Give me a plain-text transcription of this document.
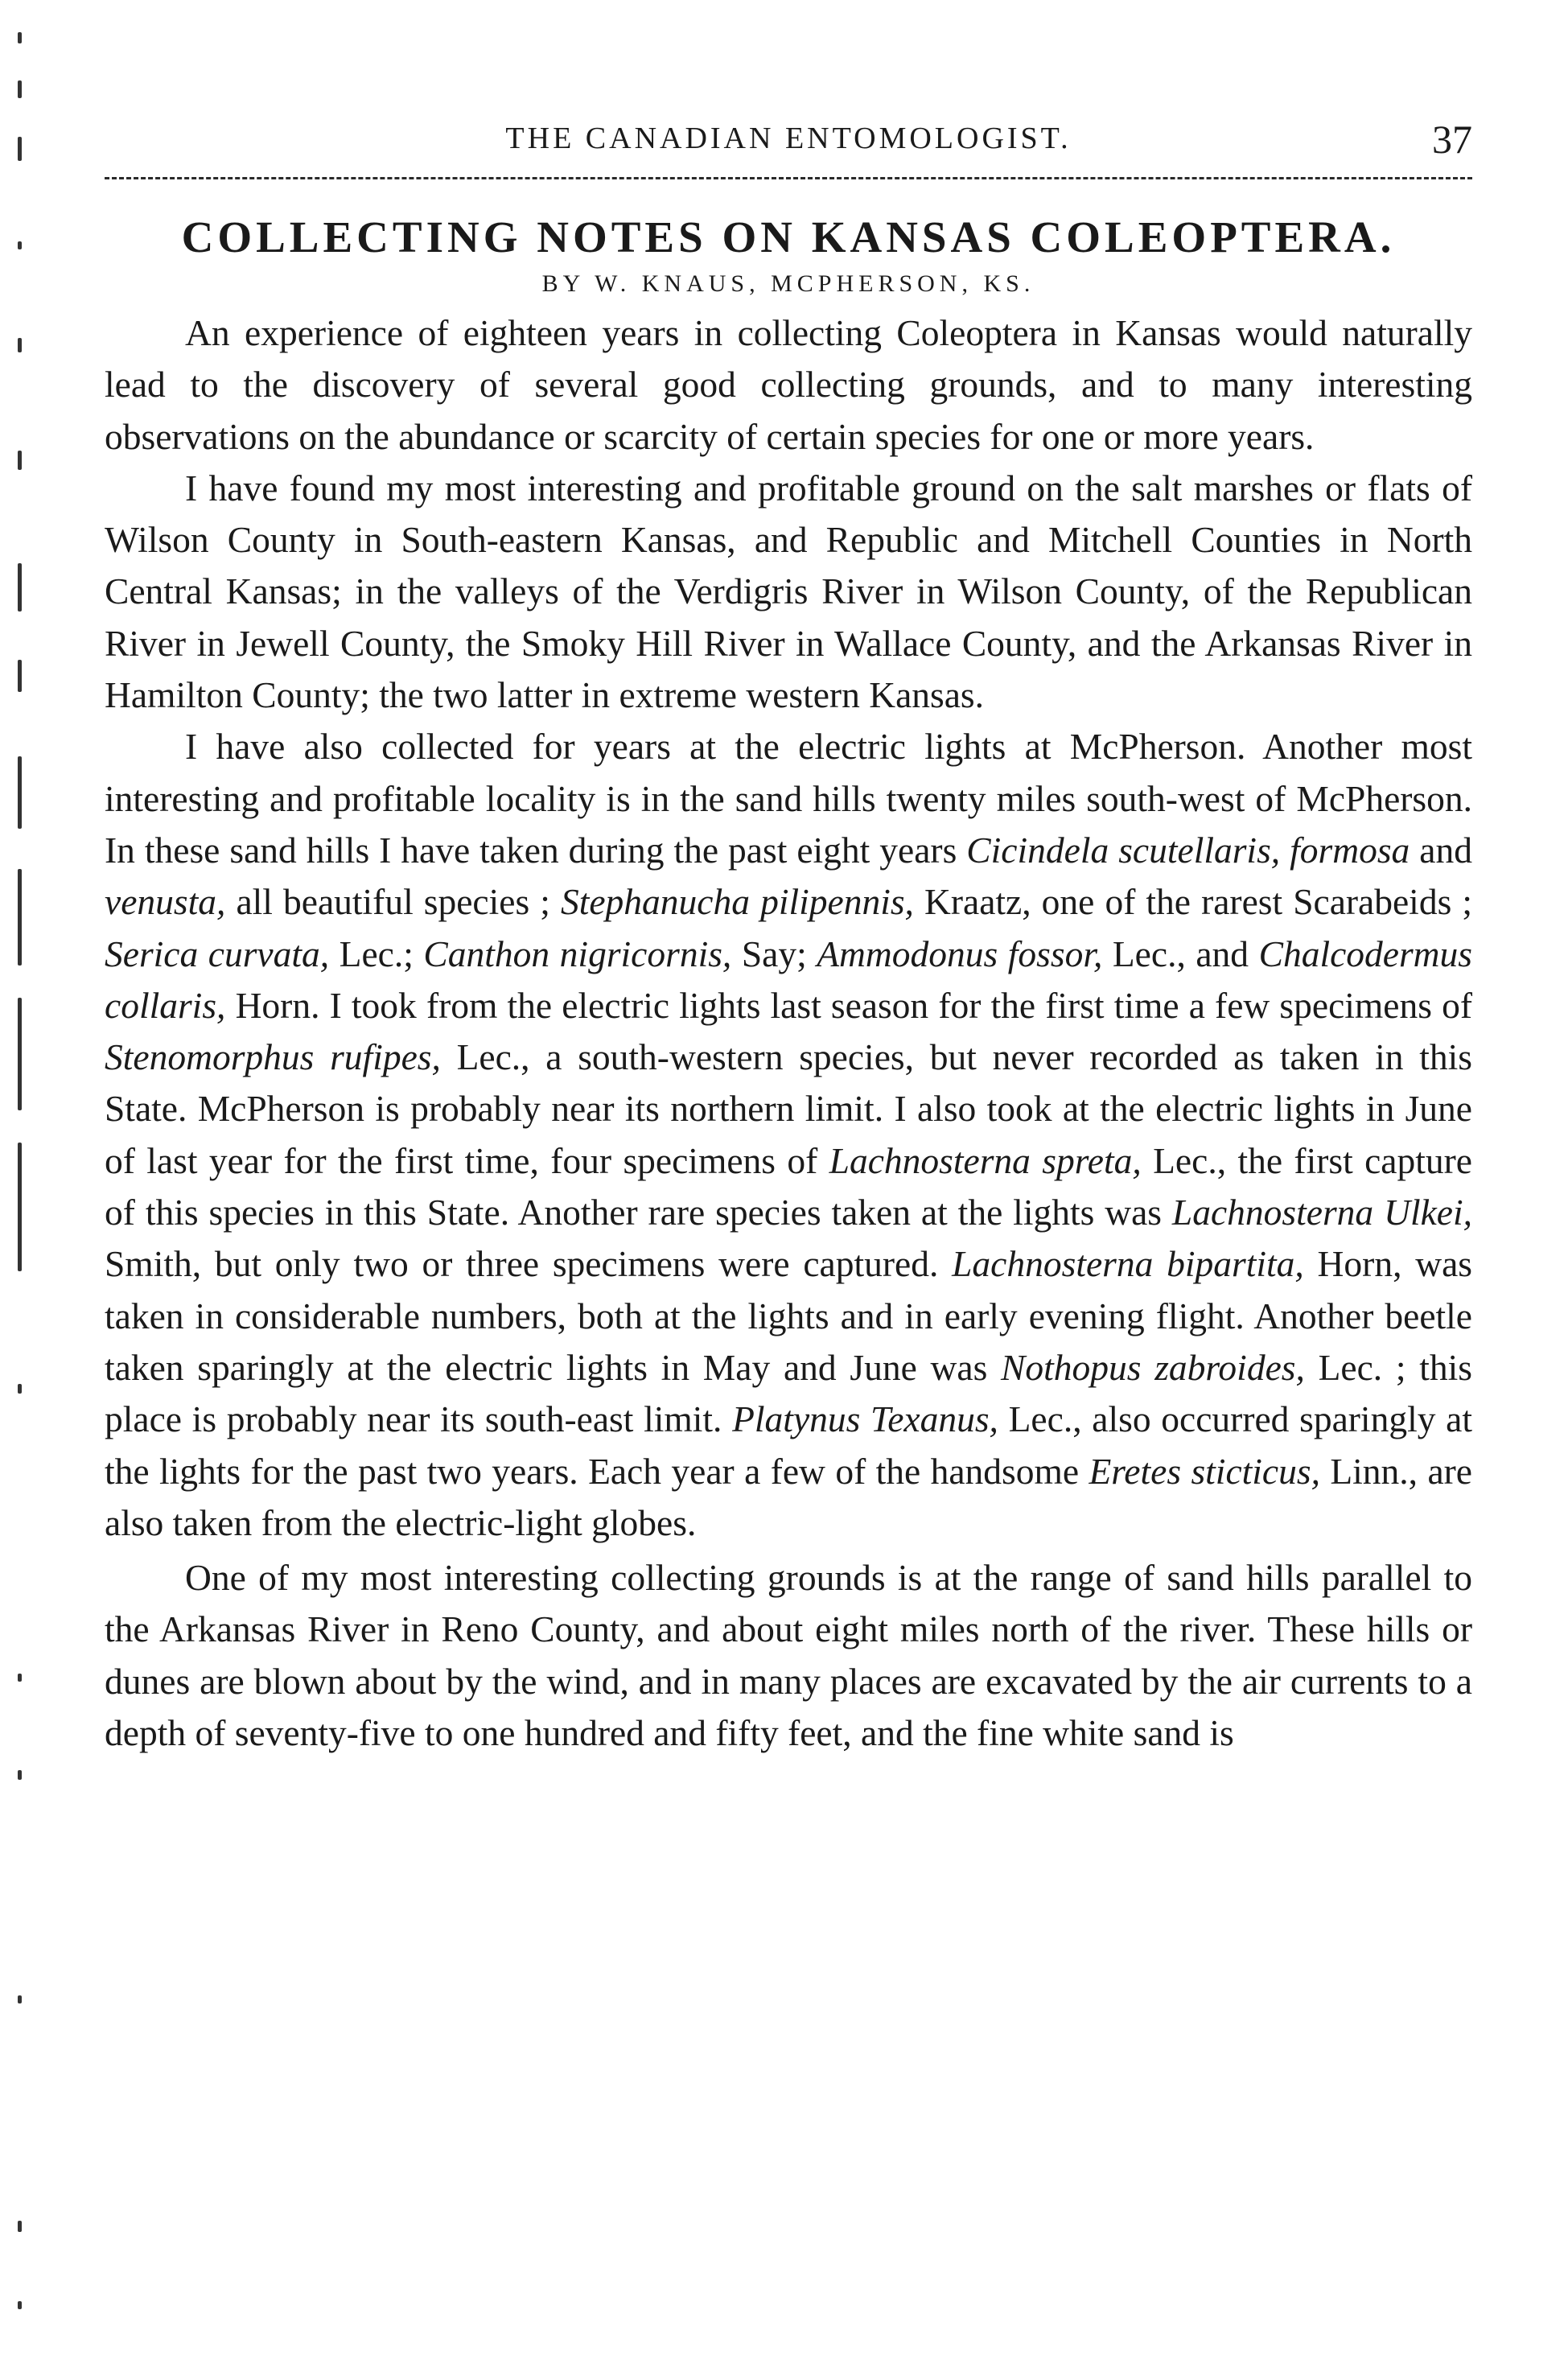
THE CANADIAN ENTOMOLOGIST.	37
COLLECTING NOTES ON KANSAS COLEOPTERA.
BY W. KNAUS, MCPHERSON, KS.

An experience of eighteen years in collecting Coleoptera in Kansas would naturally lead to the discovery of several good collecting grounds, and to many interesting observations on the abundance or scarcity of certain species for one or more years.

I have found my most interesting and profitable ground on the salt marshes or flats of Wilson County in South-eastern Kansas, and Republic and Mitchell Counties in North Central Kansas; in the valleys of the Verdigris River in Wilson County, of the Republican River in Jewell County, the Smoky Hill River in Wallace County, and the Arkansas River in Hamilton County; the two latter in extreme western Kansas.

I have also collected for years at the electric lights at McPherson. Another most interesting and profitable locality is in the sand hills twenty miles south-west of McPherson. In these sand hills I have taken during the past eight years Cicindela scutellaris, formosa and venusta, all beautiful species ; Stephanucha pilipennis, Kraatz, one of the rarest Scarabeids ; Serica curvata, Lec.; Canthon nigricornis, Say; Ammodonus fossor, Lec., and Chalcodermus collaris, Horn. I took from the electric lights last season for the first time a few specimens of Stenomorphus rufipes, Lec., a south-western species, but never recorded as taken in this State. McPherson is probably near its northern limit. I also took at the electric lights in June of last year for the first time, four specimens of Lachnosterna spreta, Lec., the first capture of this species in this State. Another rare species taken at the lights was Lachnosterna Ulkei, Smith, but only two or three specimens were captured. Lachnosterna bipartita, Horn, was taken in considerable numbers, both at the lights and in early evening flight. Another beetle taken sparingly at the electric lights in May and June was Nothopus zabroides, Lec. ; this place is probably near its south-east limit. Platynus Texanus, Lec., also occurred sparingly at the lights for the past two years. Each year a few of the handsome Eretes sticticus, Linn., are also taken from the electric-light globes.

One of my most interesting collecting grounds is at the range of sand hills parallel to the Arkansas River in Reno County, and about eight miles north of the river. These hills or dunes are blown about by the wind, and in many places are excavated by the air currents to a depth of seventy-five to one hundred and fifty feet, and the fine white sand is
